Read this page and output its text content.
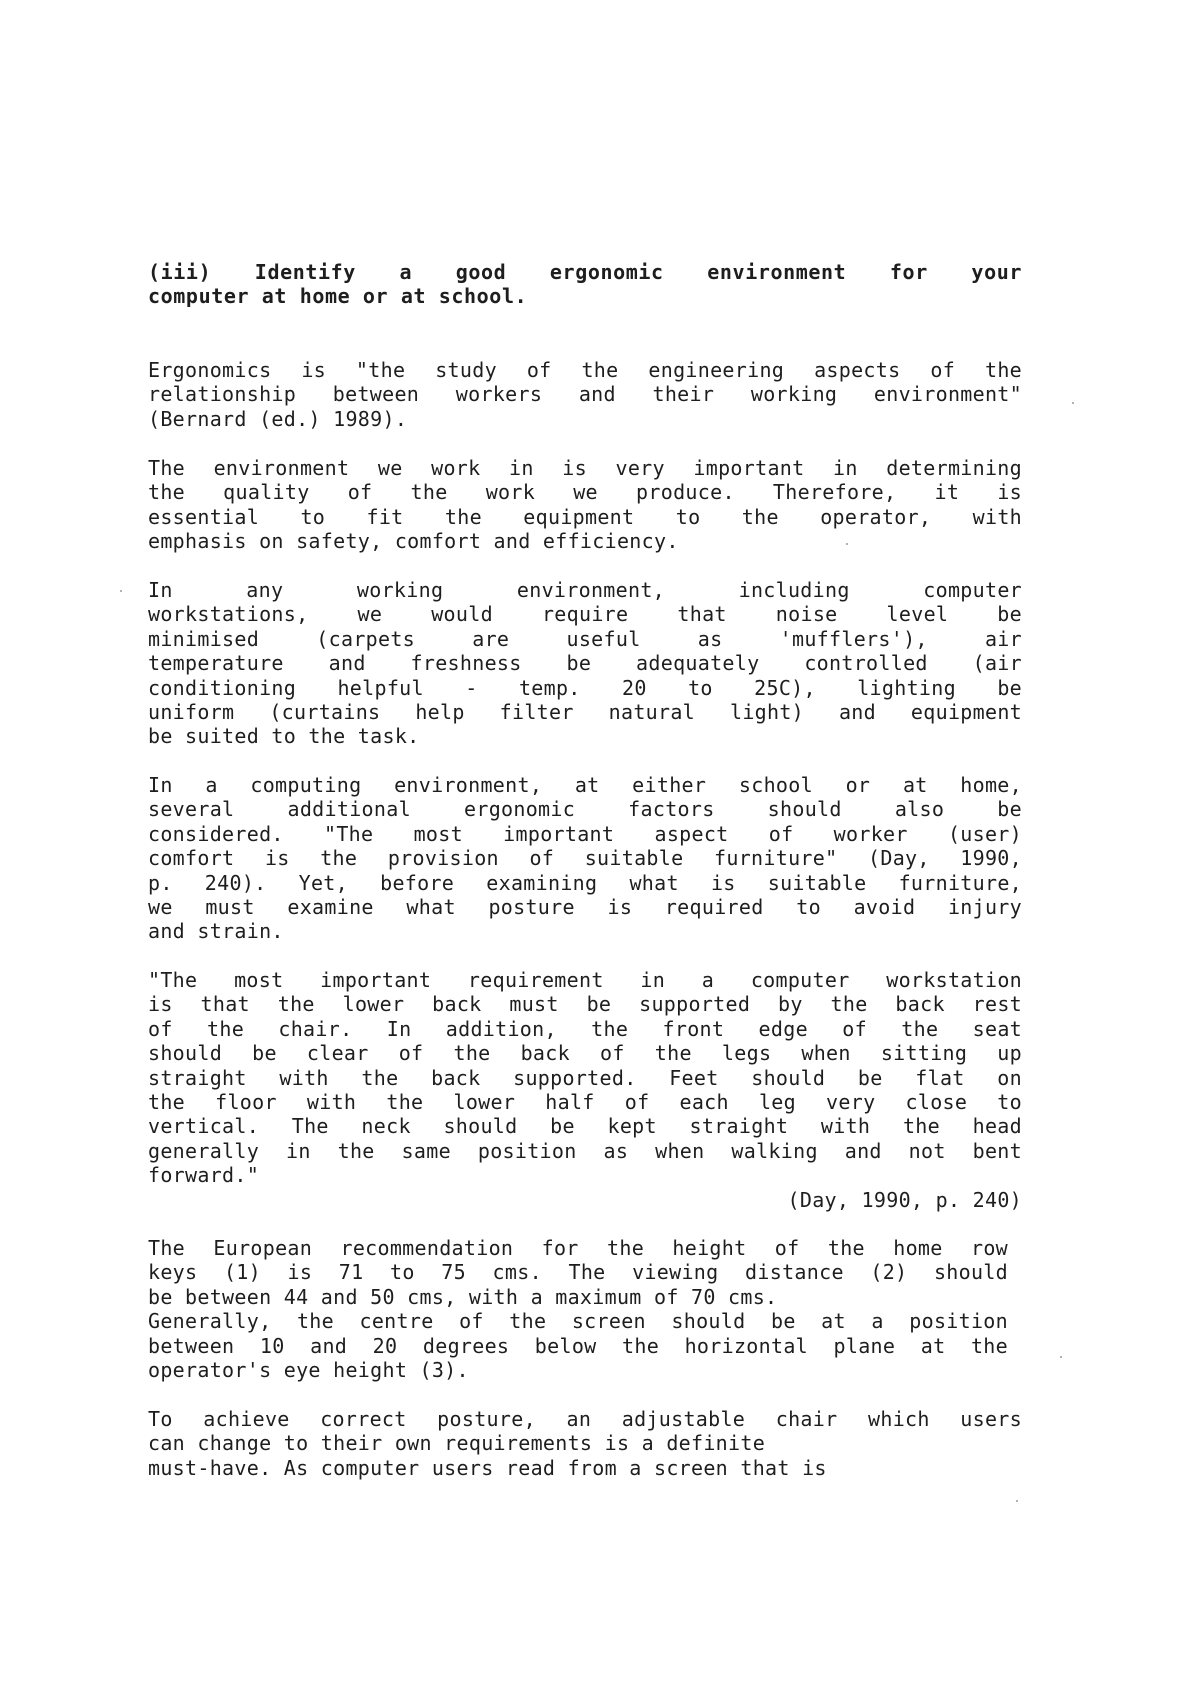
(iii) Identify a good ergonomic environment for your
computer at home or at school.
Ergonomics is "the study of the engineering aspects of the
relationship between workers and their working environment"
(Bernard (ed.) 1989).
The environment we work in is very important in determining
the quality of the work we produce. Therefore, it is
essential to fit the equipment to the operator, with
emphasis on safety, comfort and efficiency.
In any working environment, including computer
workstations, we would require that noise level be
minimised (carpets are useful as 'mufflers'), air
temperature and freshness be adequately controlled (air
conditioning helpful - temp. 20 to 25C), lighting be
uniform (curtains help filter natural light) and equipment
be suited to the task.
In a computing environment, at either school or at home,
several additional ergonomic factors should also be
considered. "The most important aspect of worker (user)
comfort is the provision of suitable furniture" (Day, 1990,
p. 240). Yet, before examining what is suitable furniture,
we must examine what posture is required to avoid injury
and strain.
"The most important requirement in a computer workstation
is that the lower back must be supported by the back rest
of the chair. In addition, the front edge of the seat
should be clear of the back of the legs when sitting up
straight with the back supported. Feet should be flat on
the floor with the lower half of each leg very close to
vertical. The neck should be kept straight with the head
generally in the same position as when walking and not bent
forward."
(Day, 1990, p. 240)
The European recommendation for the height of the home row
keys (1) is 71 to 75 cms. The viewing distance (2) should
be between 44 and 50 cms, with a maximum of 70 cms.
Generally, the centre of the screen should be at a position
between 10 and 20 degrees below the horizontal plane at the
operator's eye height (3).
To achieve correct posture, an adjustable chair which users
can change to their own requirements is a definite
must-have. As computer users read from a screen that is
